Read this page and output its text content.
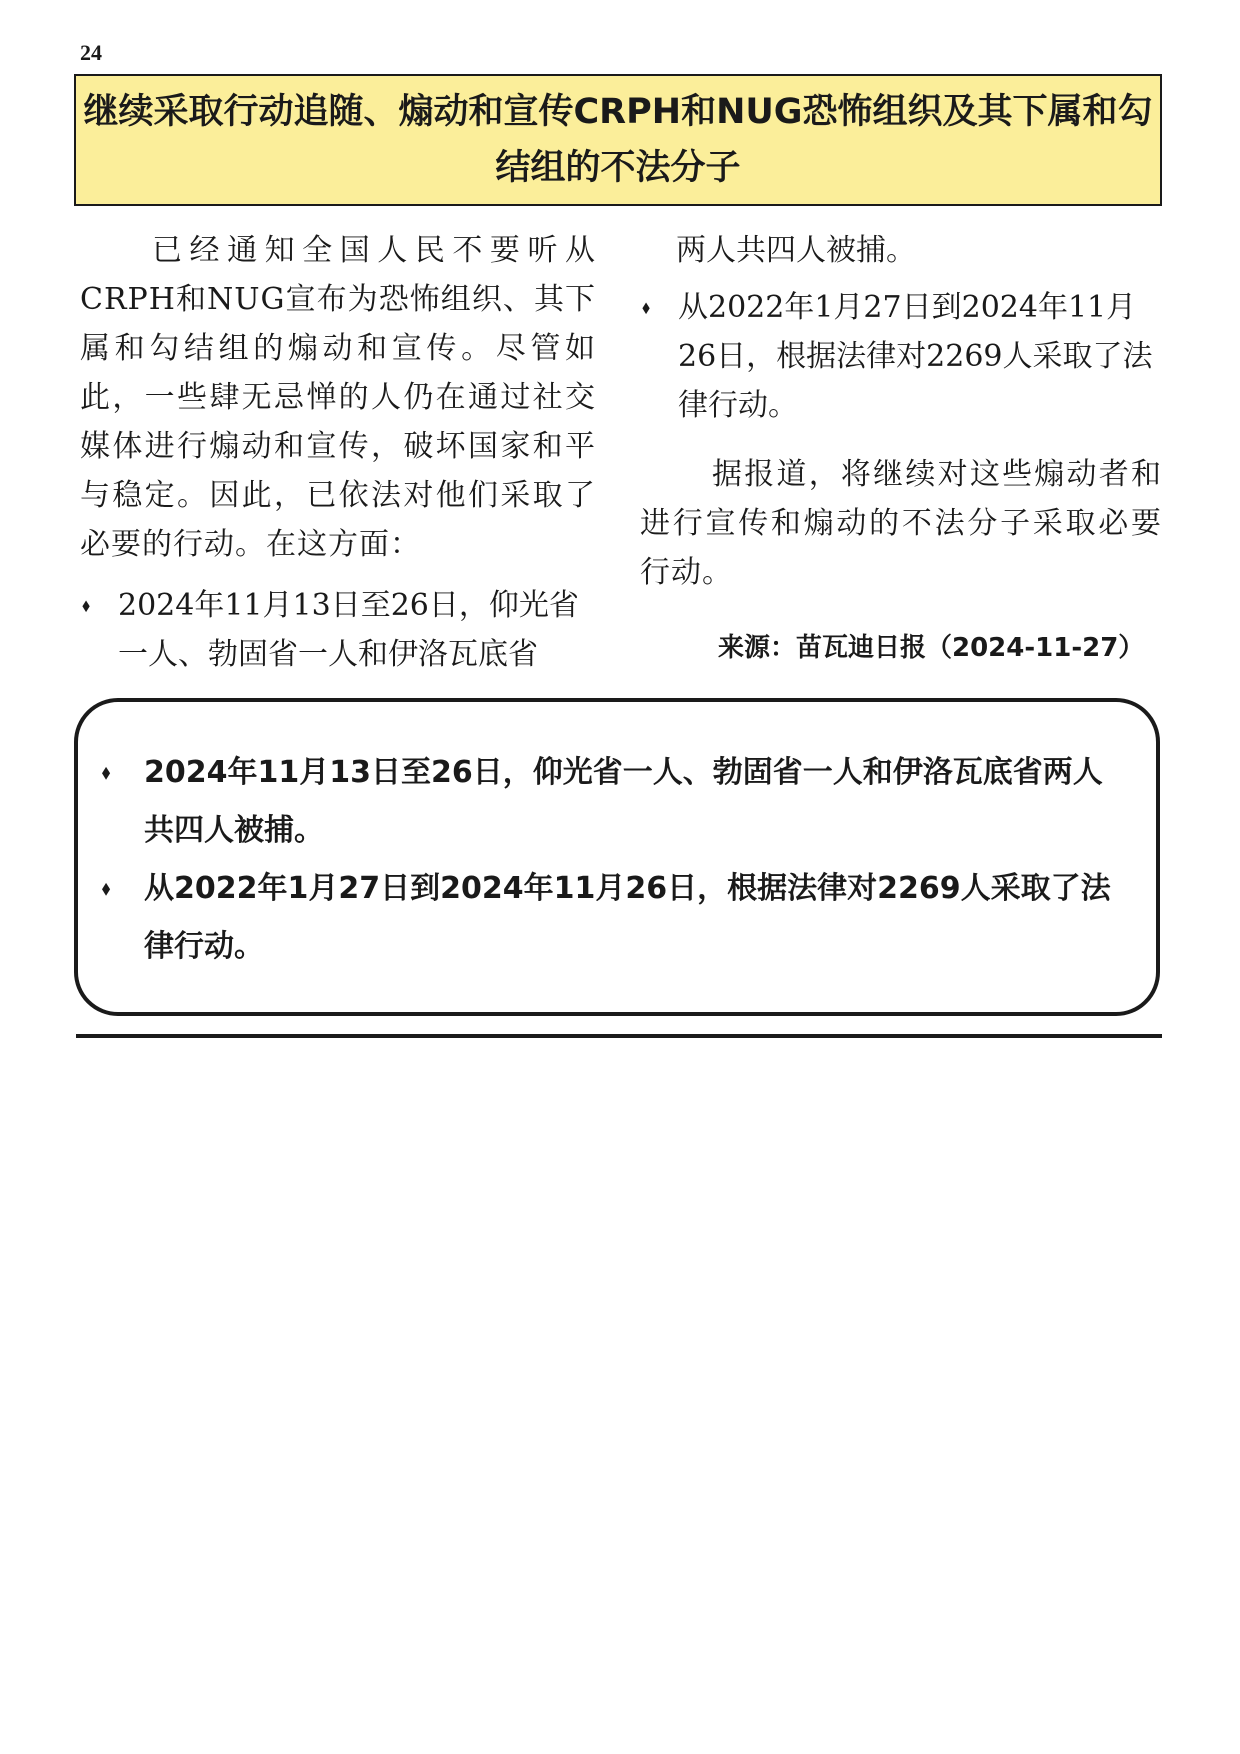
24
继续采取行动追随、煽动和宣传CRPH和NUG恐怖组织及其下属和勾
结组的不法分子

已经通知全国人民不要听从CRPH和NUG宣布为恐怖组织、其下属和勾结组的煽动和宣传。尽管如此，一些肆无忌惮的人仍在通过社交媒体进行煽动和宣传，破坏国家和平与稳定。因此，已依法对他们采取了必要的行动。在这方面：

⬧ 2024年11月13日至26日，仰光省一人、勃固省一人和伊洛瓦底省

两人共四人被捕。

⬧ 从2022年1月27日到2024年11月26日，根据法律对2269人采取了法律行动。

据报道，将继续对这些煽动者和进行宣传和煽动的不法分子采取必要行动。

来源：苗瓦迪日报（2024-11-27）
⬧	2024年11月13日至26日，仰光省一人、勃固省一人和伊洛瓦底省两人共四人被捕。
⬧	从2022年1月27日到2024年11月26日，根据法律对2269人采取了法律行动。
